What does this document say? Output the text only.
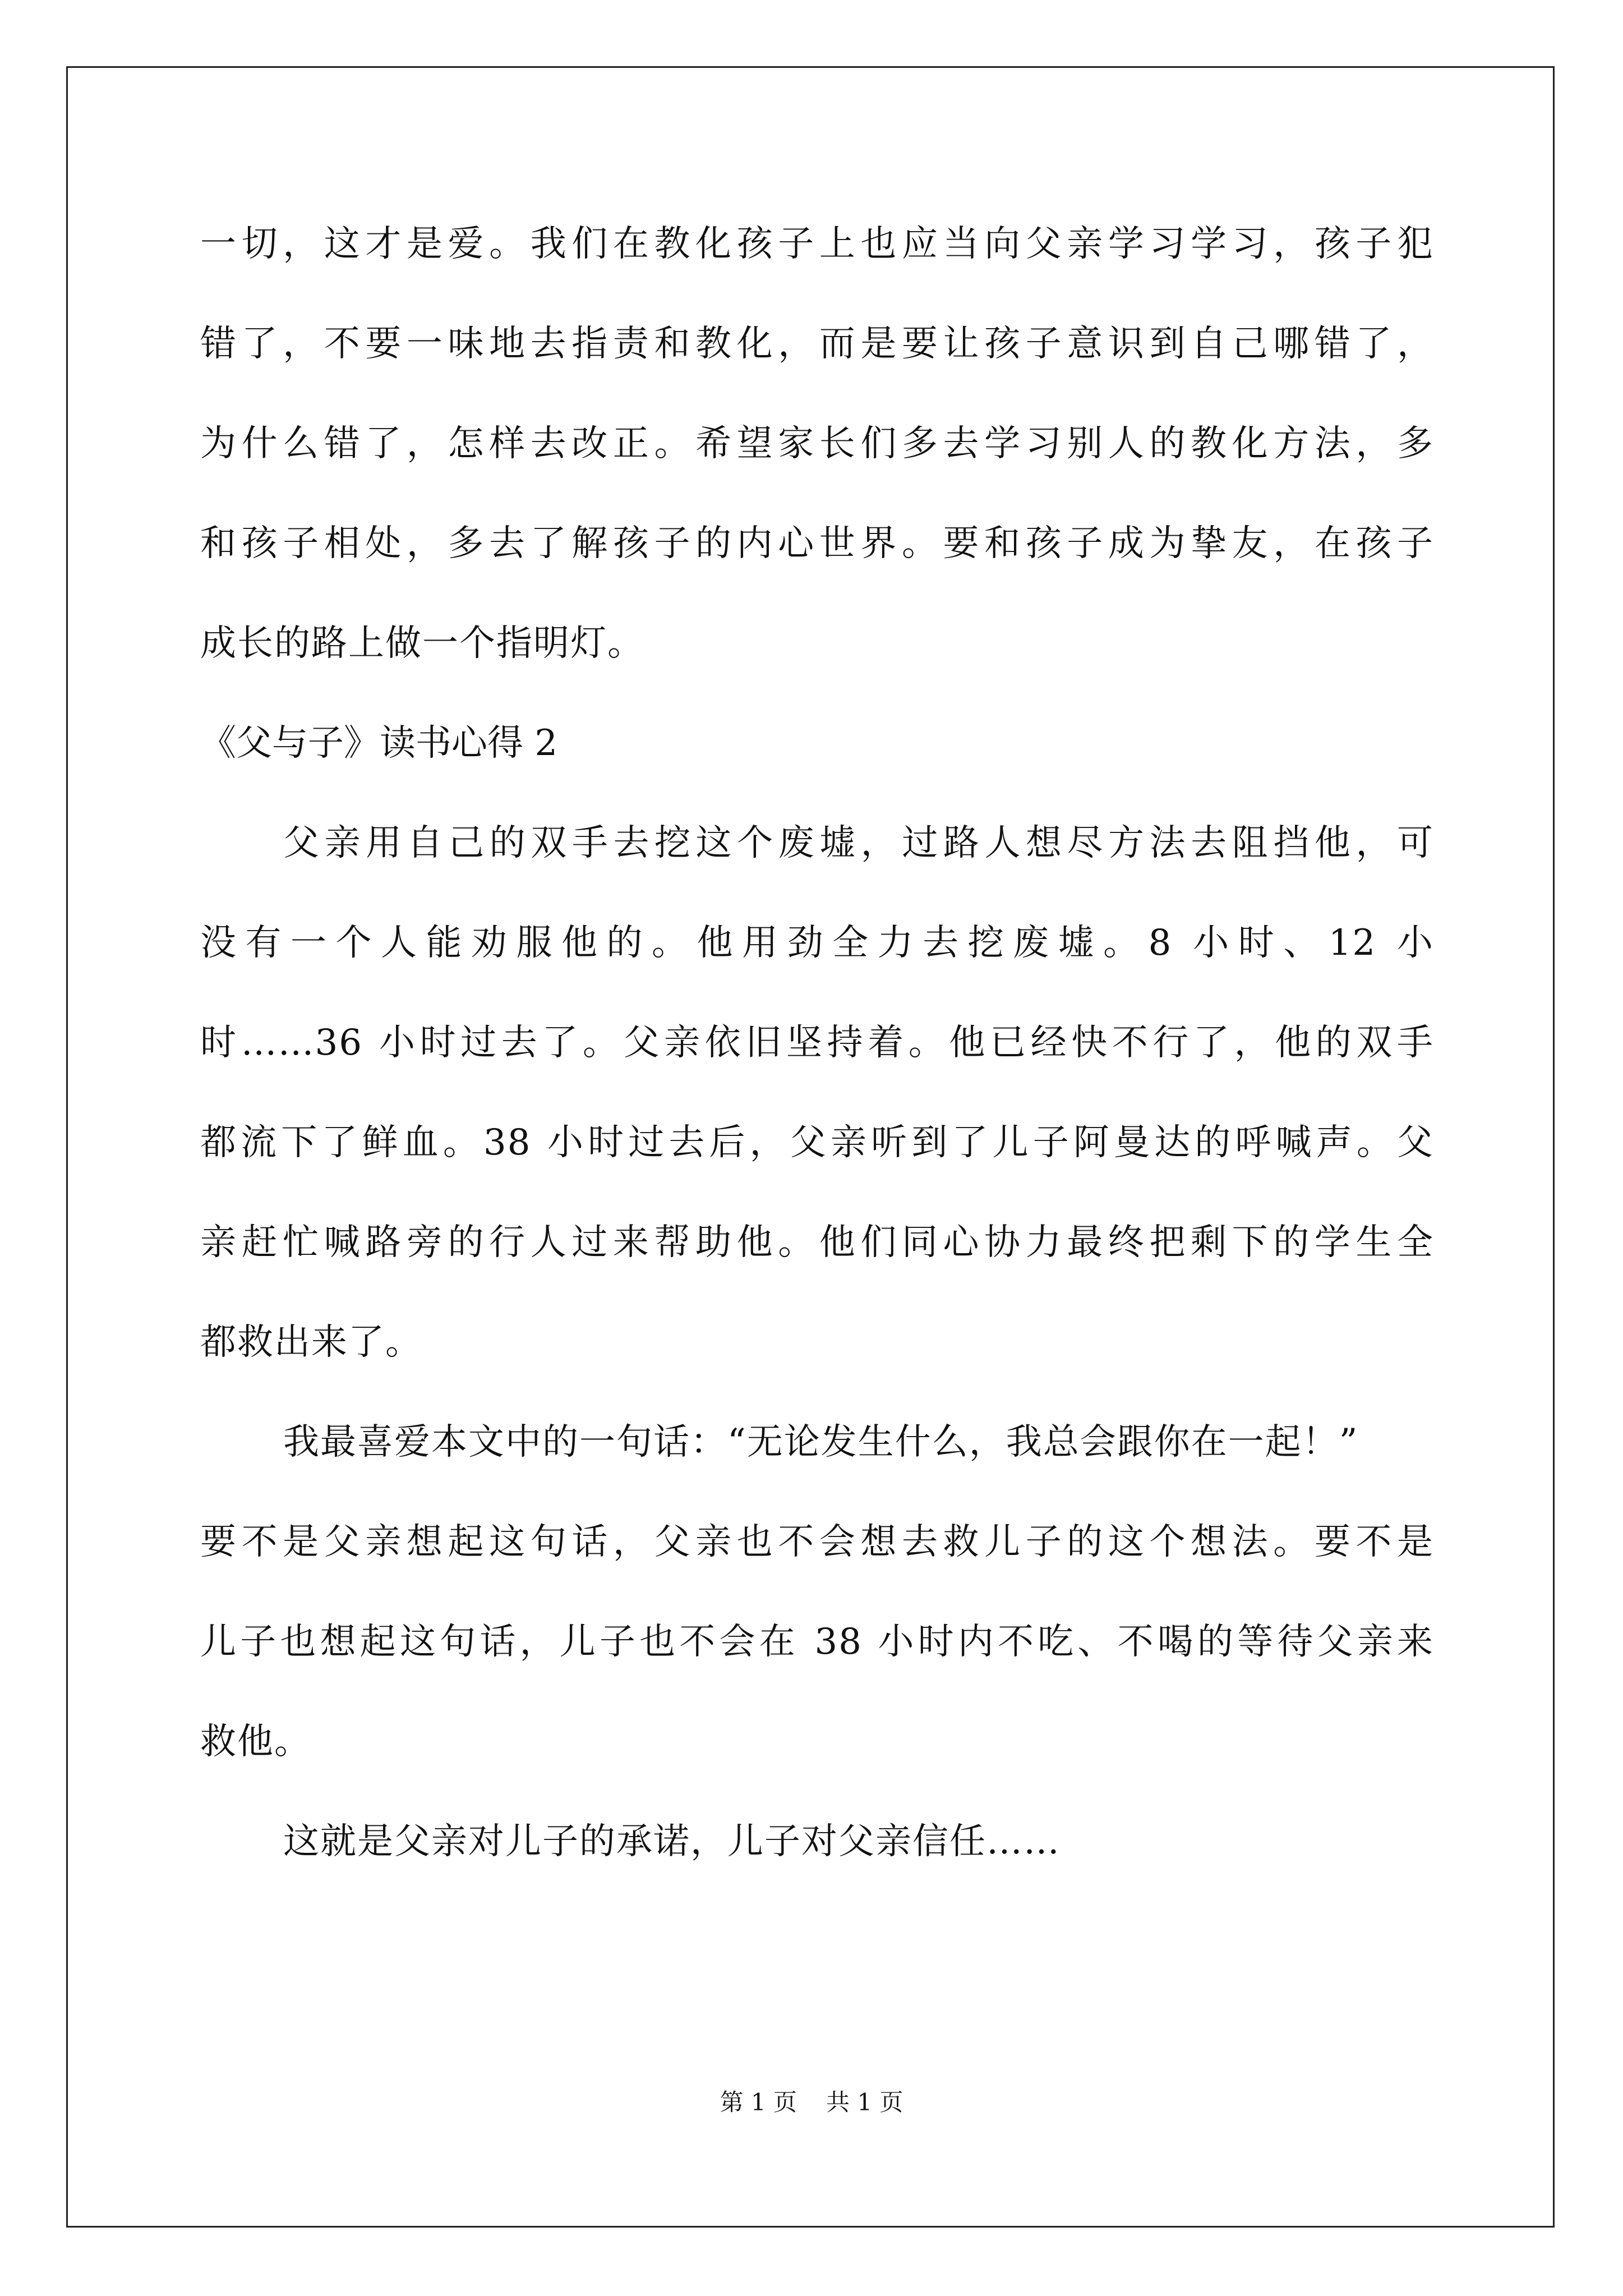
一切，这才是爱。我们在教化孩子上也应当向父亲学习学习，孩子犯
错了，不要一味地去指责和教化，而是要让孩子意识到自己哪错了，
为什么错了，怎样去改正。希望家长们多去学习别人的教化方法，多
和孩子相处，多去了解孩子的内心世界。要和孩子成为挚友，在孩子
成长的路上做一个指明灯。
《父与子》读书心得 2
父亲用自己的双手去挖这个废墟，过路人想尽方法去阻挡他，可
没有一个人能劝服他的。他用劲全力去挖废墟。8 小时、12 小
时……36 小时过去了。父亲依旧坚持着。他已经快不行了，他的双手
都流下了鲜血。38 小时过去后，父亲听到了儿子阿曼达的呼喊声。父
亲赶忙喊路旁的行人过来帮助他。他们同心协力最终把剩下的学生全
都救出来了。
我最喜爱本文中的一句话：“无论发生什么，我总会跟你在一起！”
要不是父亲想起这句话，父亲也不会想去救儿子的这个想法。要不是
儿子也想起这句话，儿子也不会在 38 小时内不吃、不喝的等待父亲来
救他。
这就是父亲对儿子的承诺，儿子对父亲信任……
第 1 页 共 1 页
